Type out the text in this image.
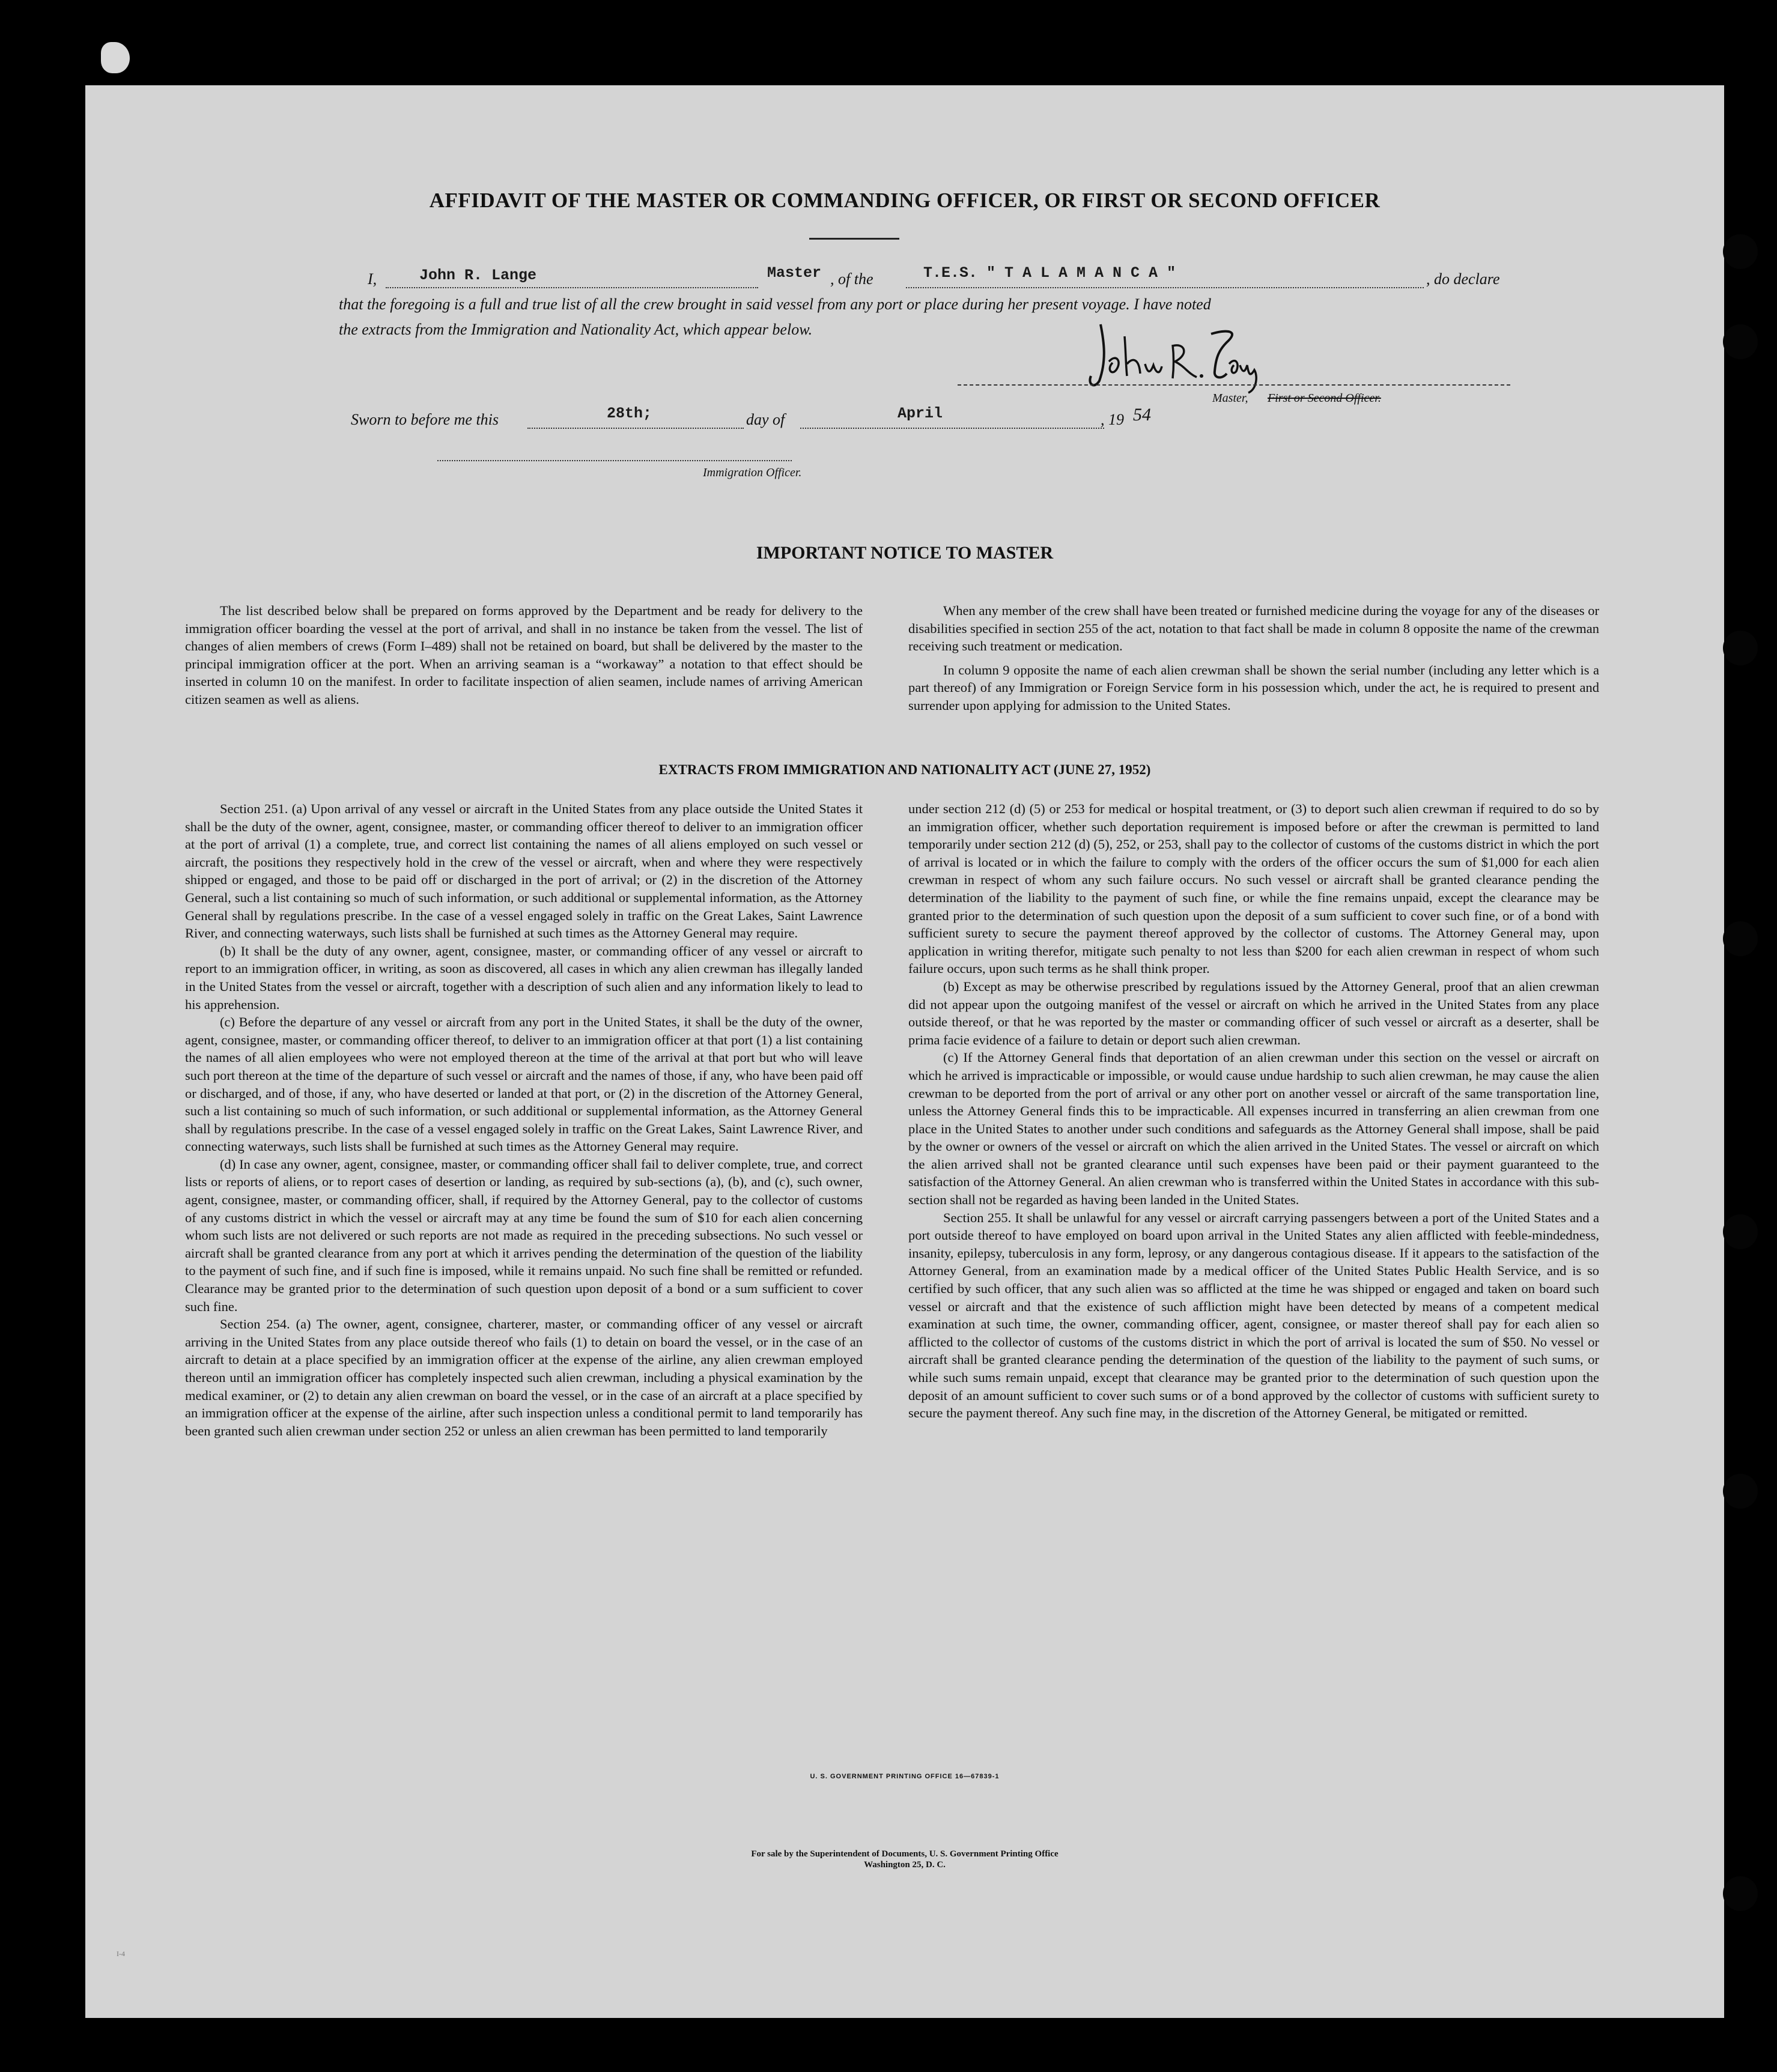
AFFIDAVIT OF THE MASTER OR COMMANDING OFFICER, OR FIRST OR SECOND OFFICER
I,	John R. Lange	Master , of the	T.E.S. " T A L A M A N C A "	, do declare
that the foregoing is a full and true list of all the crew brought in said vessel from any port or place during her present voyage. I have noted
the extracts from the Immigration and Nationality Act, which appear below.
Master, First or Second Officer.
Sworn to before me this	28th;	day of	April	, 19 54
Immigration Officer.
IMPORTANT NOTICE TO MASTER

The list described below shall be prepared on forms approved by the Department and be ready for delivery to the immigration officer boarding the vessel at the port of arrival, and shall in no instance be taken from the vessel. The list of changes of alien members of crews (Form I–489) shall not be retained on board, but shall be delivered by the master to the principal immigration officer at the port. When an arriving seaman is a “workaway” a notation to that effect should be inserted in column 10 on the manifest. In order to facilitate inspection of alien seamen, include names of arriving American citizen seamen as well as aliens.

When any member of the crew shall have been treated or furnished medicine during the voyage for any of the diseases or disabilities specified in section 255 of the act, notation to that fact shall be made in column 8 opposite the name of the crewman receiving such treatment or medication.

In column 9 opposite the name of each alien crewman shall be shown the serial number (including any letter which is a part thereof) of any Immigration or Foreign Service form in his possession which, under the act, he is required to present and surrender upon applying for admission to the United States.

EXTRACTS FROM IMMIGRATION AND NATIONALITY ACT (JUNE 27, 1952)

Section 251. (a) Upon arrival of any vessel or aircraft in the United States from any place outside the United States it shall be the duty of the owner, agent, consignee, master, or commanding officer thereof to deliver to an immigration officer at the port of arrival (1) a complete, true, and correct list containing the names of all aliens employed on such vessel or aircraft, the positions they respectively hold in the crew of the vessel or aircraft, when and where they were respectively shipped or engaged, and those to be paid off or discharged in the port of arrival; or (2) in the discretion of the Attorney General, such a list containing so much of such information, or such additional or supplemental information, as the Attorney General shall by regulations prescribe. In the case of a vessel engaged solely in traffic on the Great Lakes, Saint Lawrence River, and connecting waterways, such lists shall be furnished at such times as the Attorney General may require.

(b) It shall be the duty of any owner, agent, consignee, master, or commanding officer of any vessel or aircraft to report to an immigration officer, in writing, as soon as discovered, all cases in which any alien crewman has illegally landed in the United States from the vessel or aircraft, together with a description of such alien and any information likely to lead to his apprehension.

(c) Before the departure of any vessel or aircraft from any port in the United States, it shall be the duty of the owner, agent, consignee, master, or commanding officer thereof, to deliver to an immigration officer at that port (1) a list containing the names of all alien employees who were not employed thereon at the time of the arrival at that port but who will leave such port thereon at the time of the departure of such vessel or aircraft and the names of those, if any, who have been paid off or discharged, and of those, if any, who have deserted or landed at that port, or (2) in the discretion of the Attorney General, such a list containing so much of such information, or such additional or supplemental information, as the Attorney General shall by regulations prescribe. In the case of a vessel engaged solely in traffic on the Great Lakes, Saint Lawrence River, and connecting waterways, such lists shall be furnished at such times as the Attorney General may require.

(d) In case any owner, agent, consignee, master, or commanding officer shall fail to deliver complete, true, and correct lists or reports of aliens, or to report cases of desertion or landing, as required by sub-sections (a), (b), and (c), such owner, agent, consignee, master, or commanding officer, shall, if required by the Attorney General, pay to the collector of customs of any customs district in which the vessel or aircraft may at any time be found the sum of $10 for each alien concerning whom such lists are not delivered or such reports are not made as required in the preceding subsections. No such vessel or aircraft shall be granted clearance from any port at which it arrives pending the determination of the question of the liability to the payment of such fine, and if such fine is imposed, while it remains unpaid. No such fine shall be remitted or refunded. Clearance may be granted prior to the determination of such question upon deposit of a bond or a sum sufficient to cover such fine.

Section 254. (a) The owner, agent, consignee, charterer, master, or commanding officer of any vessel or aircraft arriving in the United States from any place outside thereof who fails (1) to detain on board the vessel, or in the case of an aircraft to detain at a place specified by an immigration officer at the expense of the airline, any alien crewman employed thereon until an immigration officer has completely inspected such alien crewman, including a physical examination by the medical examiner, or (2) to detain any alien crewman on board the vessel, or in the case of an aircraft at a place specified by an immigration officer at the expense of the airline, after such inspection unless a conditional permit to land temporarily has been granted such alien crewman under section 252 or unless an alien crewman has been permitted to land temporarily

under section 212 (d) (5) or 253 for medical or hospital treatment, or (3) to deport such alien crewman if required to do so by an immigration officer, whether such deportation requirement is imposed before or after the crewman is permitted to land temporarily under section 212 (d) (5), 252, or 253, shall pay to the collector of customs of the customs district in which the port of arrival is located or in which the failure to comply with the orders of the officer occurs the sum of $1,000 for each alien crewman in respect of whom any such failure occurs. No such vessel or aircraft shall be granted clearance pending the determination of the liability to the payment of such fine, or while the fine remains unpaid, except the clearance may be granted prior to the determination of such question upon the deposit of a sum sufficient to cover such fine, or of a bond with sufficient surety to secure the payment thereof approved by the collector of customs. The Attorney General may, upon application in writing therefor, mitigate such penalty to not less than $200 for each alien crewman in respect of whom such failure occurs, upon such terms as he shall think proper.

(b) Except as may be otherwise prescribed by regulations issued by the Attorney General, proof that an alien crewman did not appear upon the outgoing manifest of the vessel or aircraft on which he arrived in the United States from any place outside thereof, or that he was reported by the master or commanding officer of such vessel or aircraft as a deserter, shall be prima facie evidence of a failure to detain or deport such alien crewman.

(c) If the Attorney General finds that deportation of an alien crewman under this section on the vessel or aircraft on which he arrived is impracticable or impossible, or would cause undue hardship to such alien crewman, he may cause the alien crewman to be deported from the port of arrival or any other port on another vessel or aircraft of the same transportation line, unless the Attorney General finds this to be impracticable. All expenses incurred in transferring an alien crewman from one place in the United States to another under such conditions and safeguards as the Attorney General shall impose, shall be paid by the owner or owners of the vessel or aircraft on which the alien arrived in the United States. The vessel or aircraft on which the alien arrived shall not be granted clearance until such expenses have been paid or their payment guaranteed to the satisfaction of the Attorney General. An alien crewman who is transferred within the United States in accordance with this sub-section shall not be regarded as having been landed in the United States.

Section 255. It shall be unlawful for any vessel or aircraft carrying passengers between a port of the United States and a port outside thereof to have employed on board upon arrival in the United States any alien afflicted with feeble-mindedness, insanity, epilepsy, tuberculosis in any form, leprosy, or any dangerous contagious disease. If it appears to the satisfaction of the Attorney General, from an examination made by a medical officer of the United States Public Health Service, and is so certified by such officer, that any such alien was so afflicted at the time he was shipped or engaged and taken on board such vessel or aircraft and that the existence of such affliction might have been detected by means of a competent medical examination at such time, the owner, commanding officer, agent, consignee, or master thereof shall pay for each alien so afflicted to the collector of customs of the customs district in which the port of arrival is located the sum of $50. No vessel or aircraft shall be granted clearance pending the determination of the question of the liability to the payment of such sums, or while such sums remain unpaid, except that clearance may be granted prior to the determination of such question upon the deposit of an amount sufficient to cover such sums or of a bond approved by the collector of customs with sufficient surety to secure the payment thereof. Any such fine may, in the discretion of the Attorney General, be mitigated or remitted.

U. S. GOVERNMENT PRINTING OFFICE 16—67839-1
For sale by the Superintendent of Documents, U. S. Government Printing Office
Washington 25, D. C.
I-4
